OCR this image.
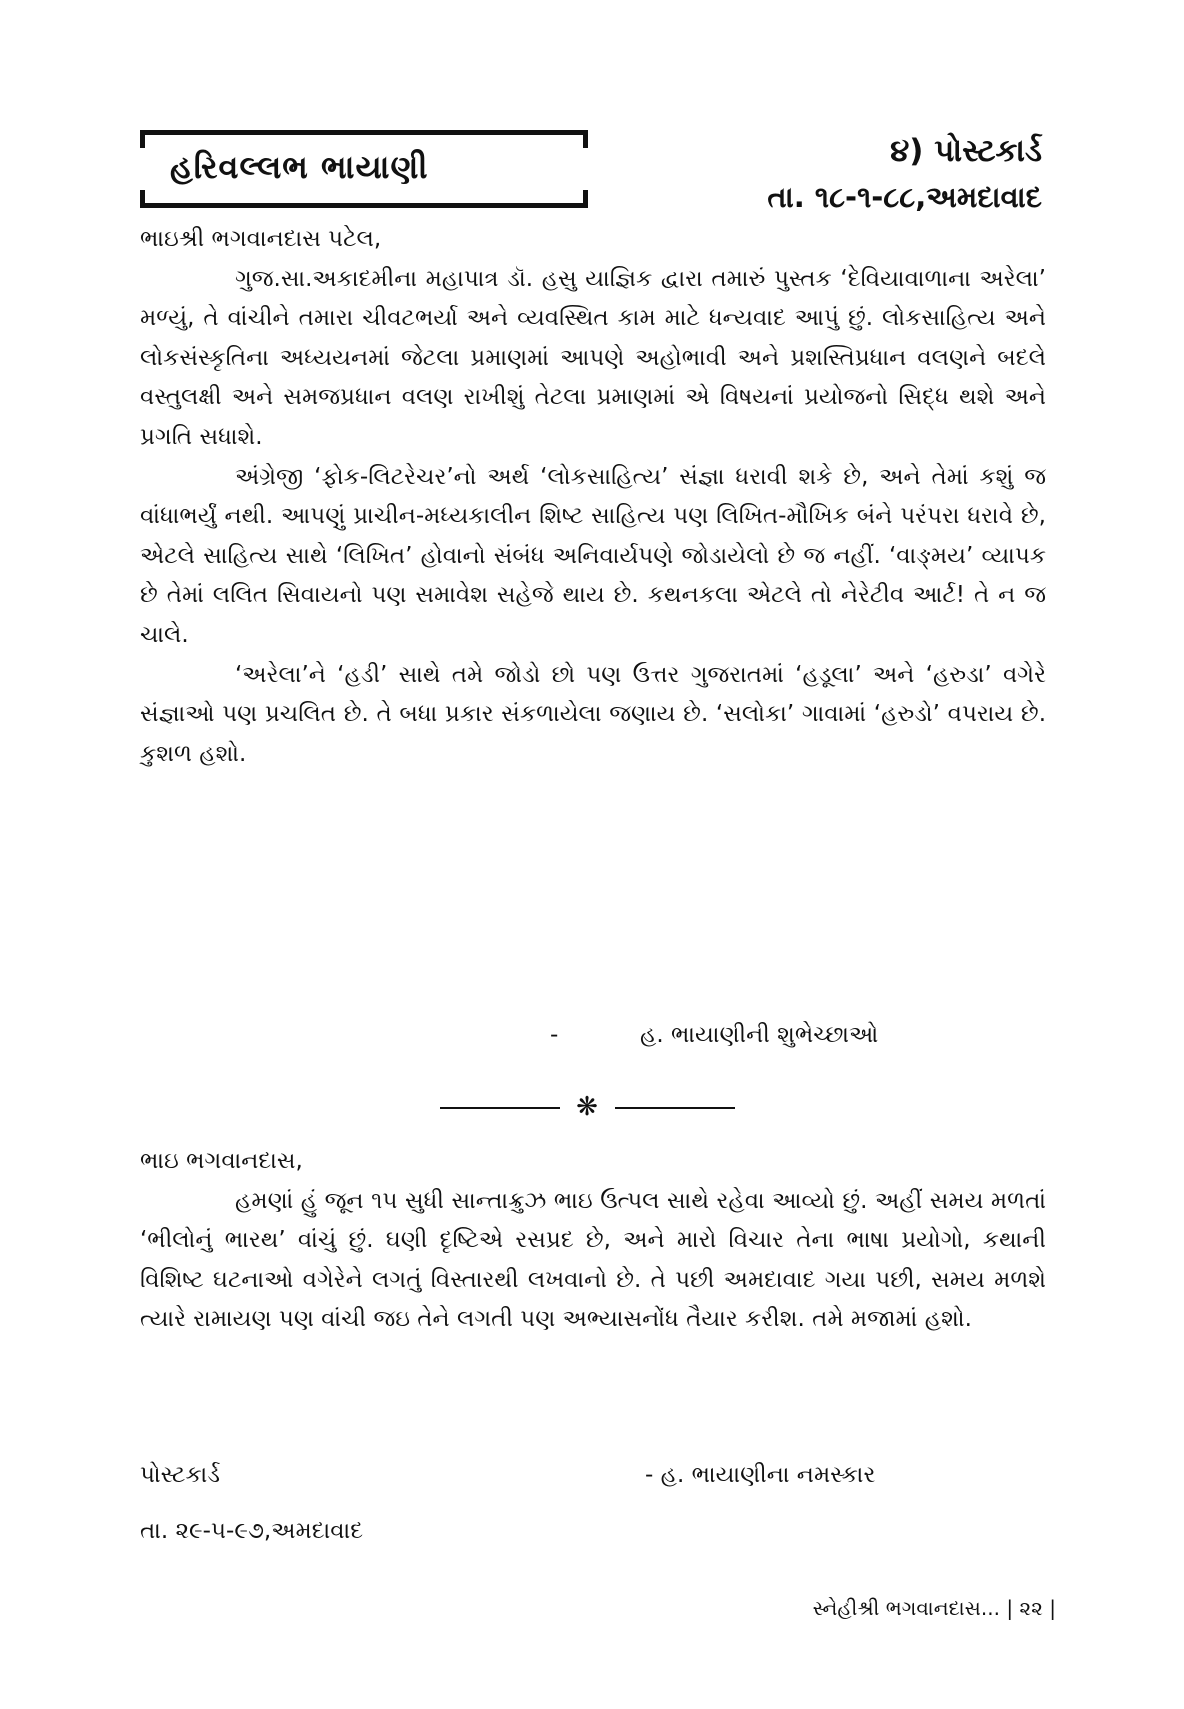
હરિવલ્લભ ભાયાણી	૪) પોસ્ટકાર્ડ
તા. ૧૮-૧-૮૮,અમદાવાદ

ભાઇશ્રી ભગવાનદાસ પટેલ,

ગુજ.સા.અકાદમીના મહાપાત્ર ડૉ. હસુ યાજ્ઞિક દ્વારા તમારું પુસ્તક ‘દેવિયાવાળાના અરેલા’ મળ્યું, તે વાંચીને તમારા ચીવટભર્યા અને વ્યવસ્થિત કામ માટે ધન્યવાદ આપું છું. લોકસાહિત્ય અને લોકસંસ્કૃતિના અધ્યયનમાં જેટલા પ્રમાણમાં આપણે અહોભાવી અને પ્રશસ્તિપ્રધાન વલણને બદલે વસ્તુલક્ષી અને સમજપ્રધાન વલણ રાખીશું તેટલા પ્રમાણમાં એ વિષયનાં પ્રયોજનો સિદ્ધ થશે અને પ્રગતિ સધાશે.

અંગ્રેજી ‘ફોક-લિટરેચર’નો અર્થ ‘લોકસાહિત્ય’ સંજ્ઞા ધરાવી શકે છે, અને તેમાં કશું જ વાંધાભર્યું નથી. આપણું પ્રાચીન-મધ્યકાલીન શિષ્ટ સાહિત્ય પણ લિખિત-મૌખિક બંને પરંપરા ધરાવે છે, એટલે સાહિત્ય સાથે ‘લિખિત’ હોવાનો સંબંધ અનિવાર્યપણે જોડાયેલો છે જ નહીં. ‘વાઙ્મય’ વ્યાપક છે તેમાં લલિત સિવાયનો પણ સમાવેશ સહેજે થાય છે. કથનકલા એટલે તો નેરેટીવ આર્ટ! તે ન જ ચાલે.

‘અરેલા’ને ‘હડી’ સાથે તમે જોડો છો પણ ઉત્તર ગુજરાતમાં ‘હડૂલા’ અને ‘હરુડા’ વગેરે સંજ્ઞાઓ પણ પ્રચલિત છે. તે બધા પ્રકાર સંકળાયેલા જણાય છે. ‘સલોકા’ ગાવામાં ‘હરુડો’ વપરાય છે. કુશળ હશો.

-	હ. ભાયાણીની શુભેચ્છાઓ
❋

ભાઇ ભગવાનદાસ,

હમણાં હું જૂન ૧૫ સુધી સાન્તાક્રુઝ ભાઇ ઉત્પલ સાથે રહેવા આવ્યો છું. અહીં સમય મળતાં ‘ભીલોનું ભારથ’ વાંચું છું. ઘણી દૃષ્ટિએ રસપ્રદ છે, અને મારો વિચાર તેના ભાષા પ્રયોગો, કથાની વિશિષ્ટ ઘટનાઓ વગેરેને લગતું વિસ્તારથી લખવાનો છે. તે પછી અમદાવાદ ગયા પછી, સમય મળશે ત્યારે રામાયણ પણ વાંચી જઇ તેને લગતી પણ અભ્યાસનોંધ તૈયાર કરીશ. તમે મજામાં હશો.

પોસ્ટકાર્ડ	- હ. ભાયાણીના નમસ્કાર
તા. ૨૯-૫-૯૭,અમદાવાદ
સ્નેહીશ્રી ભગવાનદાસ... | ૨૨ |
